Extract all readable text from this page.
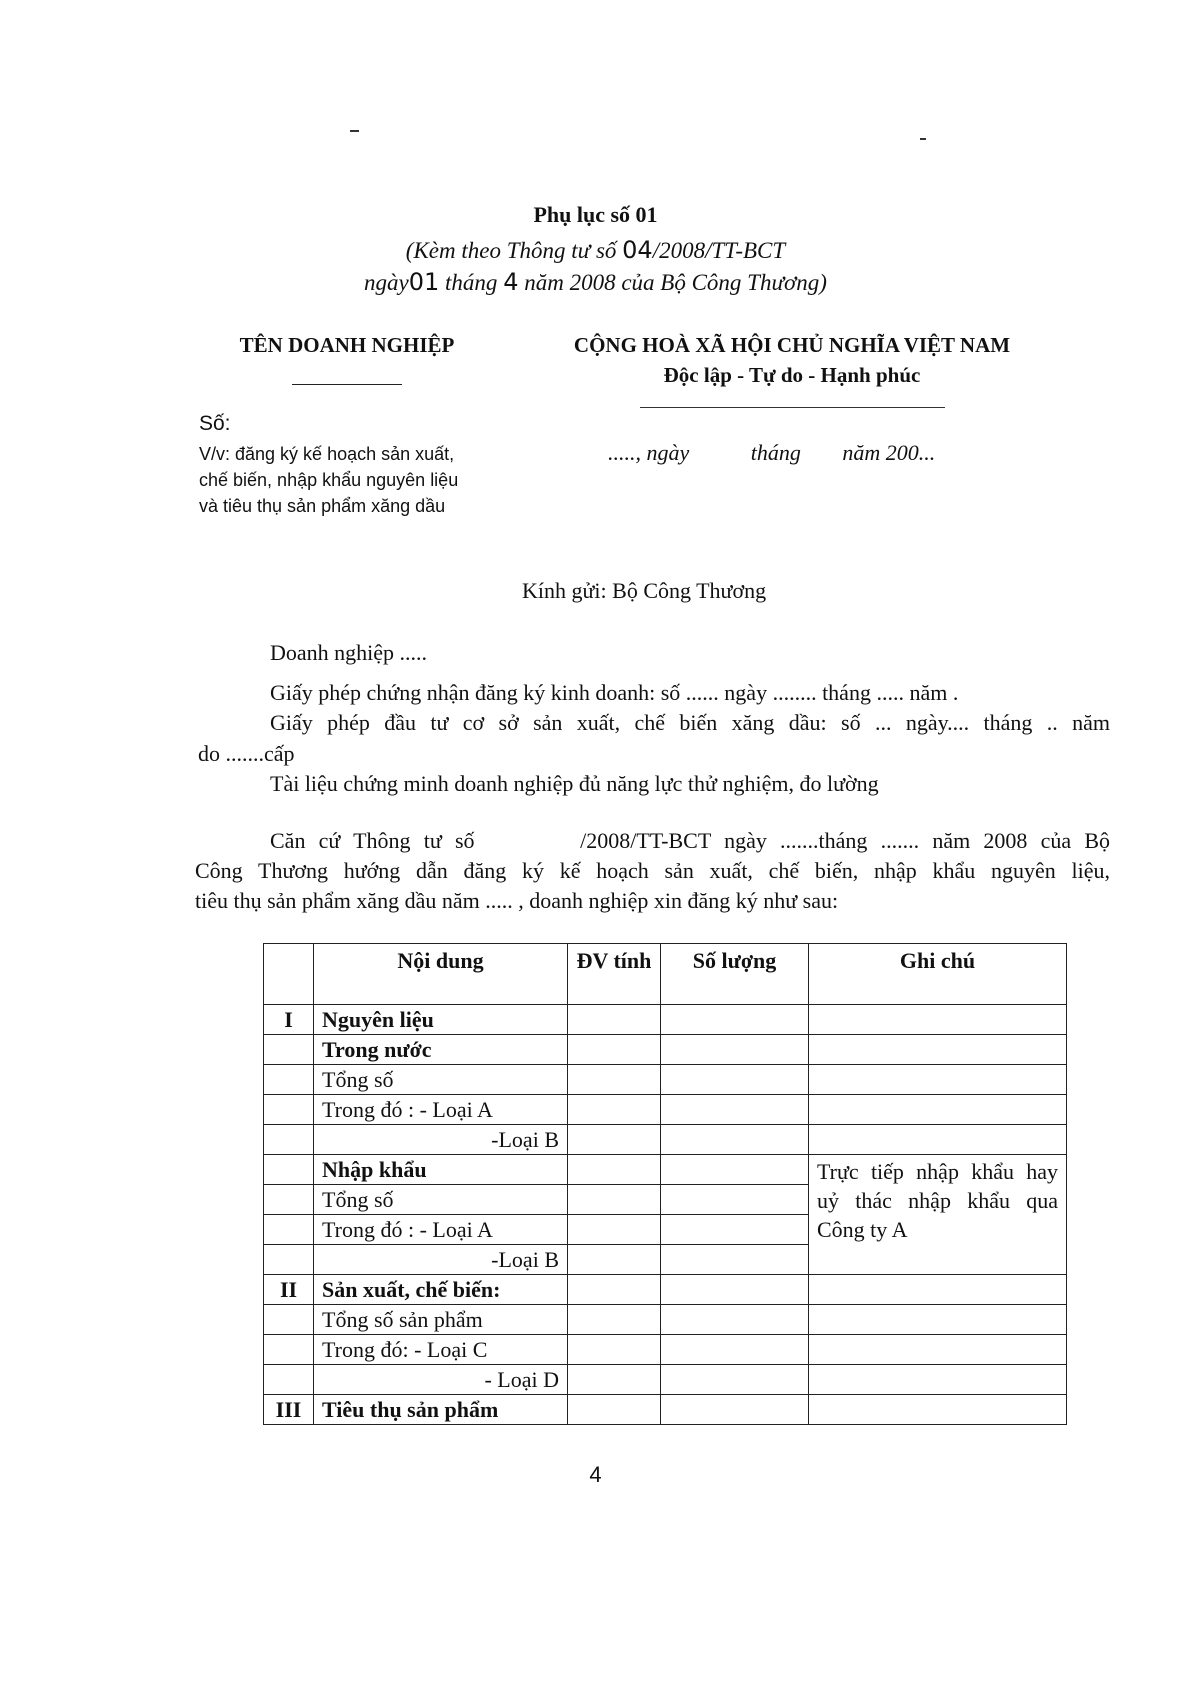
Phụ lục số 01
(Kèm theo Thông tư số 04/2008/TT-BCT
ngày01 tháng 4 năm 2008 của Bộ Công Thương)
TÊN DOANH NGHIỆP
Số:
V/v: đăng ký kế hoạch sản xuất, chế biến, nhập khẩu nguyên liệu và tiêu thụ sản phẩm xăng dầu
CỘNG HOÀ XÃ HỘI CHỦ NGHĨA VIỆT NAM
Độc lập - Tự do - Hạnh phúc
....., ngày	tháng năm 200...
Kính gửi: Bộ Công Thương
Doanh nghiệp .....
Giấy phép chứng nhận đăng ký kinh doanh: số ...... ngày ........ tháng ..... năm .
Giấy phép đầu tư cơ sở sản xuất, chế biến xăng dầu: số ... ngày.... tháng .. năm
do .......cấp
Tài liệu chứng minh doanh nghiệp đủ năng lực thử nghiệm, đo lường
Căn cứ Thông tư số        /2008/TT-BCT ngày .......tháng ....... năm 2008 của Bộ
Công Thương hướng dẫn đăng ký kế hoạch sản xuất, chế biến, nhập khẩu nguyên liệu,
tiêu thụ sản phẩm xăng dầu năm ..... , doanh nghiệp xin đăng ký như sau:
	Nội dung	ĐV tính	Số lượng	Ghi chú
I	Nguyên liệu			
	Trong nước			
	Tổng số			
	Trong đó : - Loại A			
	-Loại B			
	Nhập khẩu			Trực tiếp nhập khẩu hay uỷ thác nhập khẩu qua Công ty A
	Tổng số			
	Trong đó : - Loại A			
	-Loại B			
II	Sản xuất, chế biến:			
	Tổng số sản phẩm			
	Trong đó: - Loại C			
	- Loại D			
III	Tiêu thụ sản phẩm			
4
